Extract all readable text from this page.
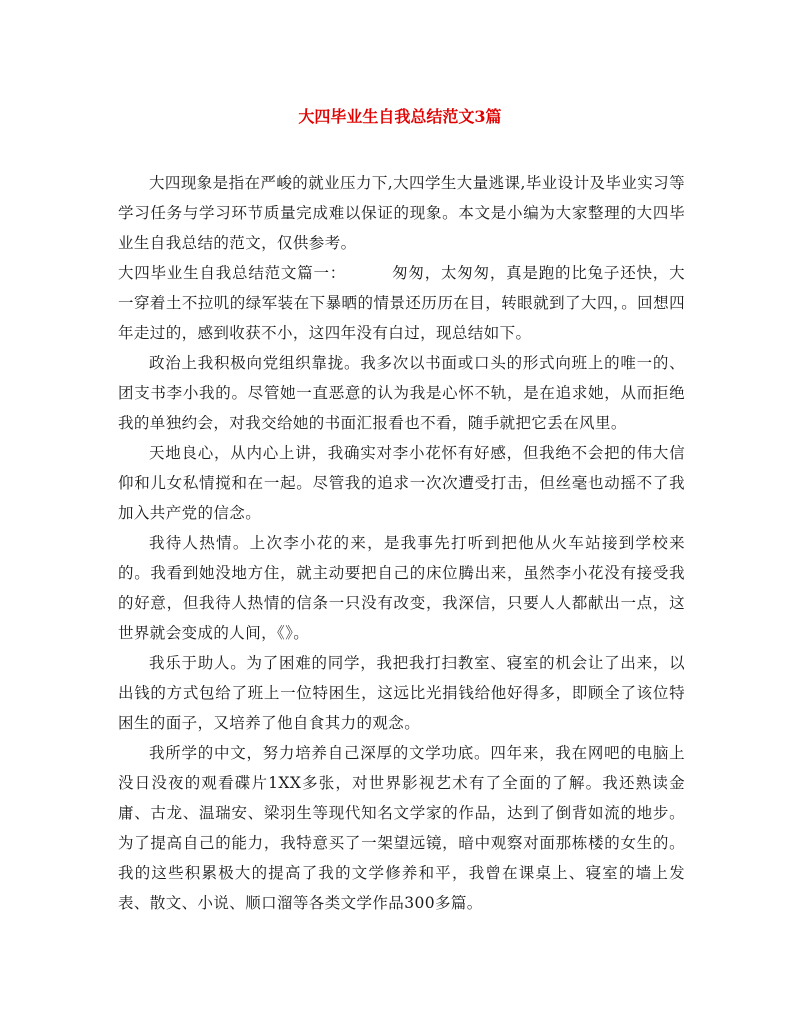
大四毕业生自我总结范文3篇

大四现象是指在严峻的就业压力下,大四学生大量逃课,毕业设计及毕业实习等学习任务与学习环节质量完成难以保证的现象。本文是小编为大家整理的大四毕业生自我总结的范文，仅供参考。

大四毕业生自我总结范文篇一：	匆匆，太匆匆，真是跑的比兔子还快，大一穿着土不拉叽的绿军装在下暴晒的情景还历历在目，转眼就到了大四，。回想四年走过的，感到收获不小，这四年没有白过，现总结如下。

政治上我积极向党组织靠拢。我多次以书面或口头的形式向班上的唯一的、团支书李小我的。尽管她一直恶意的认为我是心怀不轨，是在追求她，从而拒绝我的单独约会，对我交给她的书面汇报看也不看，随手就把它丢在风里。

天地良心，从内心上讲，我确实对李小花怀有好感，但我绝不会把的伟大信仰和儿女私情搅和在一起。尽管我的追求一次次遭受打击，但丝毫也动摇不了我加入共产党的信念。

我待人热情。上次李小花的来，是我事先打听到把他从火车站接到学校来的。我看到她没地方住，就主动要把自己的床位腾出来，虽然李小花没有接受我的好意，但我待人热情的信条一只没有改变，我深信，只要人人都献出一点，这世界就会变成的人间，《》。

我乐于助人。为了困难的同学，我把我打扫教室、寝室的机会让了出来，以出钱的方式包给了班上一位特困生，这远比光捐钱给他好得多，即顾全了该位特困生的面子，又培养了他自食其力的观念。

我所学的中文，努力培养自己深厚的文学功底。四年来，我在网吧的电脑上没日没夜的观看碟片1XX多张，对世界影视艺术有了全面的了解。我还熟读金庸、古龙、温瑞安、梁羽生等现代知名文学家的作品，达到了倒背如流的地步。为了提高自己的能力，我特意买了一架望远镜，暗中观察对面那栋楼的女生的。我的这些积累极大的提高了我的文学修养和平，我曾在课桌上、寝室的墙上发表、散文、小说、顺口溜等各类文学作品300多篇。
